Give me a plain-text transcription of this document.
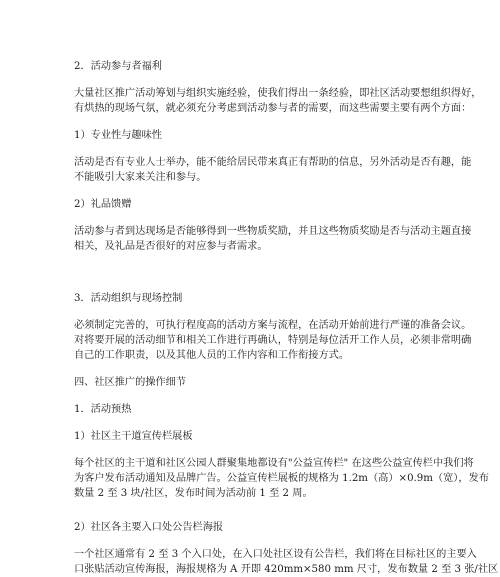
2．活动参与者福利

大量社区推广活动筹划与组织实施经验，使我们得出一条经验，即社区活动要想组织得好，

有烘热的现场气氛，就必须充分考虑到活动参与者的需要，而这些需要主要有两个方面：

1）专业性与趣味性

活动是否有专业人士举办，能不能给居民带来真正有帮助的信息，另外活动是否有趣，能

不能吸引大家来关注和参与。

2）礼品馈赠

活动参与者到达现场是否能够得到一些物质奖励，并且这些物质奖励是否与活动主题直接

相关，及礼品是否很好的对应参与者需求。

3．活动组织与现场控制

必须制定完善的，可执行程度高的活动方案与流程，在活动开始前进行严谨的准备会议。

对将要开展的活动细节和相关工作进行再确认，特别是每位活开工作人员，必须非常明确

自己的工作职责，以及其他人员的工作内容和工作衔接方式。

四、社区推广的操作细节

1．活动预热

1）社区主干道宣传栏展板

每个社区的主干道和社区公园人群聚集地都设有"公益宣传栏" 在这些公益宣传栏中我们将

为客户发布活动通知及品牌广告。公益宣传栏展板的规格为 1.2m（高）×0.9m（宽），发布

数量 2 至 3 块/社区，发布时间为活动前 1 至 2 周。

2）社区各主要入口处公告栏海报

一个社区通常有 2 至 3 个入口处，在入口处社区设有公告栏，我们将在目标社区的主要入

口张贴活动宣传海报，海报规格为 A 开即 420mm×580 mm 尺寸，发布数量 2 至 3 张/社区
